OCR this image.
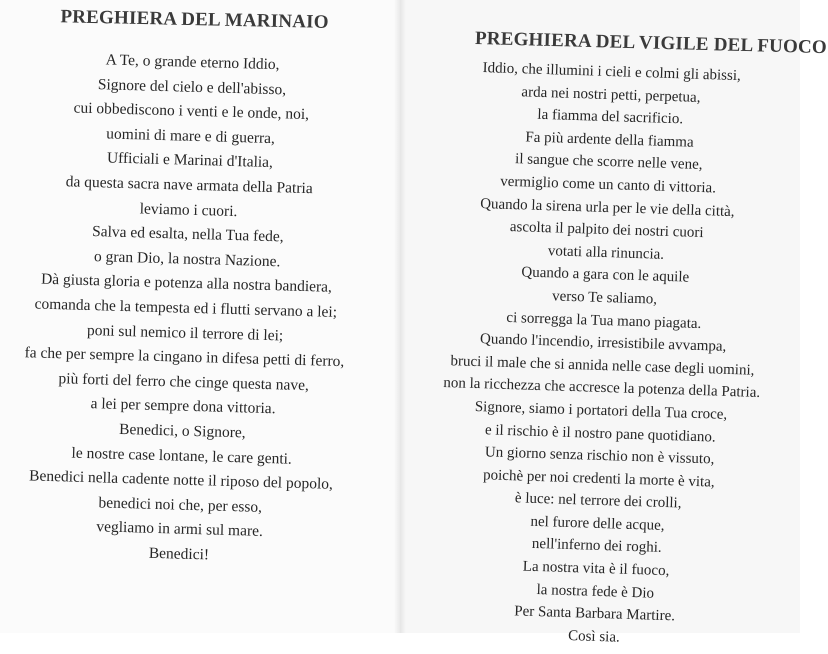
PREGHIERA DEL MARINAIO
A Te, o grande eterno Iddio,
Signore del cielo e dell'abisso,
cui obbediscono i venti e le onde, noi,
uomini di mare e di guerra,
Ufficiali e Marinai d'Italia,
da questa sacra nave armata della Patria
leviamo i cuori.
Salva ed esalta, nella Tua fede,
o gran Dio, la nostra Nazione.
Dà giusta gloria e potenza alla nostra bandiera,
comanda che la tempesta ed i flutti servano a lei;
poni sul nemico il terrore di lei;
fa che per sempre la cingano in difesa petti di ferro,
più forti del ferro che cinge questa nave,
a lei per sempre dona vittoria.
Benedici, o Signore,
le nostre case lontane, le care genti.
Benedici nella cadente notte il riposo del popolo,
benedici noi che, per esso,
vegliamo in armi sul mare.
Benedici!
PREGHIERA DEL VIGILE DEL FUOCO
Iddio, che illumini i cieli e colmi gli abissi,
arda nei nostri petti, perpetua,
la fiamma del sacrificio.
Fa più ardente della fiamma
il sangue che scorre nelle vene,
vermiglio come un canto di vittoria.
Quando la sirena urla per le vie della città,
ascolta il palpito dei nostri cuori
votati alla rinuncia.
Quando a gara con le aquile
verso Te saliamo,
ci sorregga la Tua mano piagata.
Quando l'incendio, irresistibile avvampa,
bruci il male che si annida nelle case degli uomini,
non la ricchezza che accresce la potenza della Patria.
Signore, siamo i portatori della Tua croce,
e il rischio è il nostro pane quotidiano.
Un giorno senza rischio non è vissuto,
poichè per noi credenti la morte è vita,
è luce: nel terrore dei crolli,
nel furore delle acque,
nell'inferno dei roghi.
La nostra vita è il fuoco,
la nostra fede è Dio
Per Santa Barbara Martire.
Così sia.
